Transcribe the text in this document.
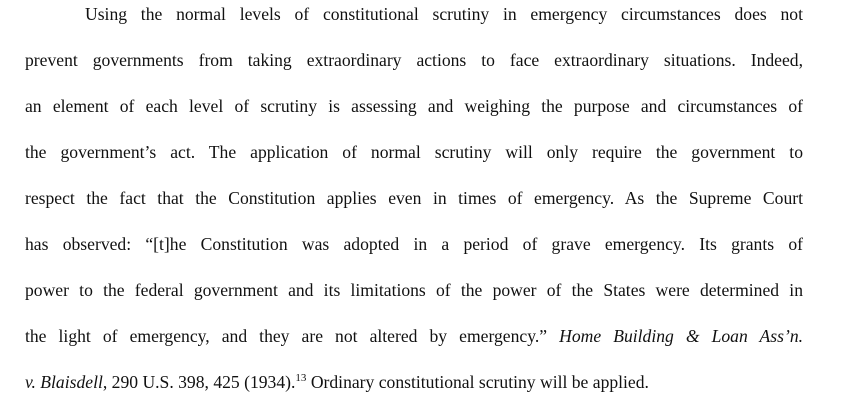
Using the normal levels of constitutional scrutiny in emergency circumstances does not
prevent governments from taking extraordinary actions to face extraordinary situations. Indeed,
an element of each level of scrutiny is assessing and weighing the purpose and circumstances of
the government’s act. The application of normal scrutiny will only require the government to
respect the fact that the Constitution applies even in times of emergency. As the Supreme Court
has observed: “[t]he Constitution was adopted in a period of grave emergency. Its grants of
power to the federal government and its limitations of the power of the States were determined in
the light of emergency, and they are not altered by emergency.” Home Building & Loan Ass’n.
v. Blaisdell, 290 U.S. 398, 425 (1934).$^{13}$ Ordinary constitutional scrutiny will be applied.
